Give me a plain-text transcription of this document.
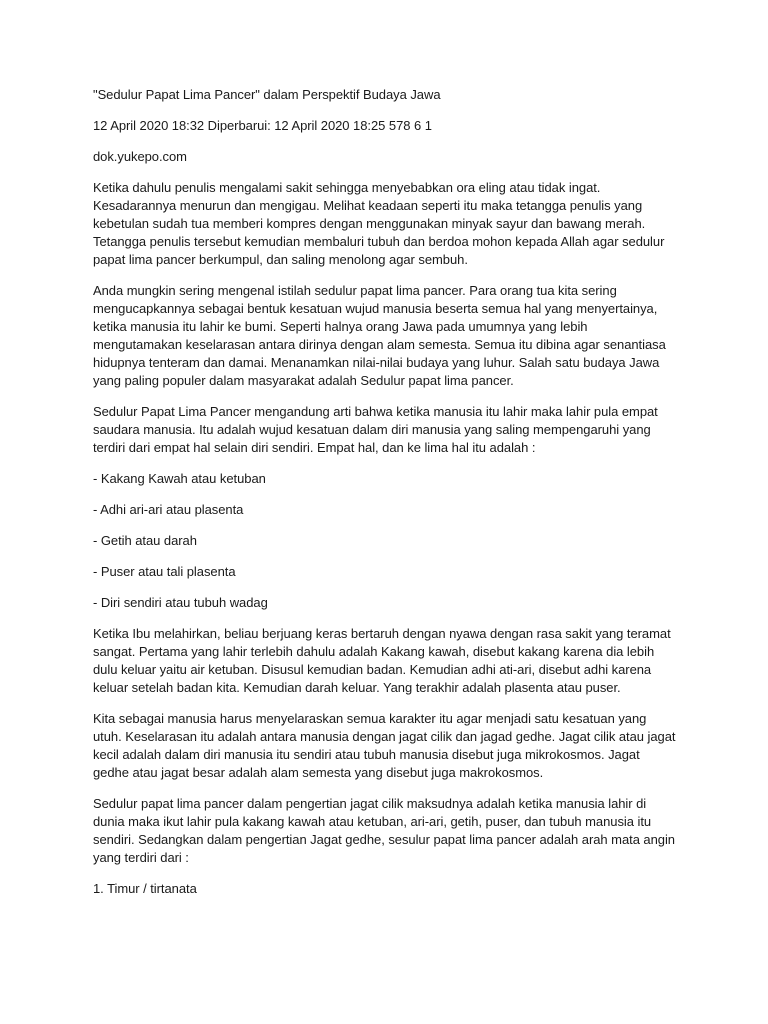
"Sedulur Papat Lima Pancer" dalam Perspektif Budaya Jawa
12 April 2020 18:32 Diperbarui: 12 April 2020 18:25 578 6 1
dok.yukepo.com
Ketika dahulu penulis mengalami sakit sehingga menyebabkan ora eling atau tidak ingat.
Kesadarannya menurun dan mengigau. Melihat keadaan seperti itu maka tetangga penulis yang
kebetulan sudah tua memberi kompres dengan menggunakan minyak sayur dan bawang merah.
Tetangga penulis tersebut kemudian membaluri tubuh dan berdoa mohon kepada Allah agar sedulur
papat lima pancer berkumpul, dan saling menolong agar sembuh.
Anda mungkin sering mengenal istilah sedulur papat lima pancer. Para orang tua kita sering
mengucapkannya sebagai bentuk kesatuan wujud manusia beserta semua hal yang menyertainya,
ketika manusia itu lahir ke bumi. Seperti halnya orang Jawa pada umumnya yang lebih
mengutamakan keselarasan antara dirinya dengan alam semesta. Semua itu dibina agar senantiasa
hidupnya tenteram dan damai. Menanamkan nilai-nilai budaya yang luhur. Salah satu budaya Jawa
yang paling populer dalam masyarakat adalah Sedulur papat lima pancer.
Sedulur Papat Lima Pancer mengandung arti bahwa ketika manusia itu lahir maka lahir pula empat
saudara manusia. Itu adalah wujud kesatuan dalam diri manusia yang saling mempengaruhi yang
terdiri dari empat hal selain diri sendiri. Empat hal, dan ke lima hal itu adalah :
- Kakang Kawah atau ketuban
- Adhi ari-ari atau plasenta
- Getih atau darah
- Puser atau tali plasenta
- Diri sendiri atau tubuh wadag
Ketika Ibu melahirkan, beliau berjuang keras bertaruh dengan nyawa dengan rasa sakit yang teramat
sangat. Pertama yang lahir terlebih dahulu adalah Kakang kawah, disebut kakang karena dia lebih
dulu keluar yaitu air ketuban. Disusul kemudian badan. Kemudian adhi ati-ari, disebut adhi karena
keluar setelah badan kita. Kemudian darah keluar. Yang terakhir adalah plasenta atau puser.
Kita sebagai manusia harus menyelaraskan semua karakter itu agar menjadi satu kesatuan yang
utuh. Keselarasan itu adalah antara manusia dengan jagat cilik dan jagad gedhe. Jagat cilik atau jagat
kecil adalah dalam diri manusia itu sendiri atau tubuh manusia disebut juga mikrokosmos. Jagat
gedhe atau jagat besar adalah alam semesta yang disebut juga makrokosmos.
Sedulur papat lima pancer dalam pengertian jagat cilik maksudnya adalah ketika manusia lahir di
dunia maka ikut lahir pula kakang kawah atau ketuban, ari-ari, getih, puser, dan tubuh manusia itu
sendiri. Sedangkan dalam pengertian Jagat gedhe, sesulur papat lima pancer adalah arah mata angin
yang terdiri dari :
1. Timur / tirtanata
